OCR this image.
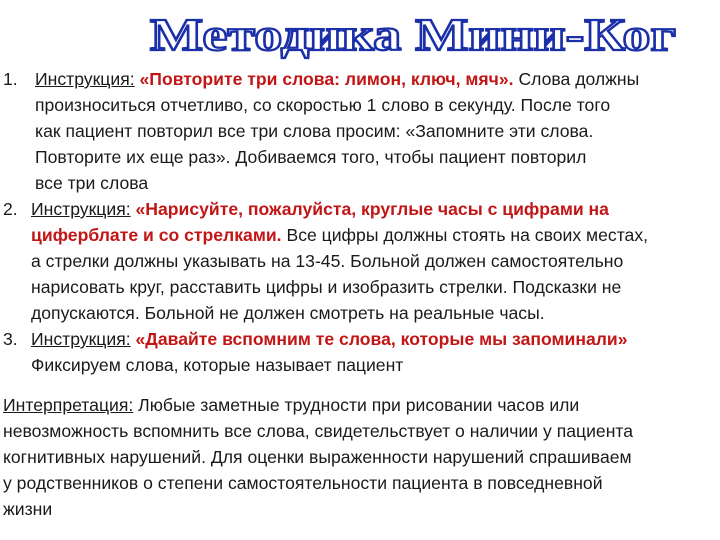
Методика Мини-Ког
1. Инструкция: «Повторите три слова: лимон, ключ, мяч». Слова должны
произноситься отчетливо, со скоростью 1 слово в секунду. После того
как пациент повторил все три слова просим: «Запомните эти слова.
Повторите их еще раз». Добиваемся того, чтобы пациент повторил
все три слова
2. Инструкция: «Нарисуйте, пожалуйста, круглые часы с цифрами на
циферблате и со стрелками. Все цифры должны стоять на своих местах,
а стрелки должны указывать на 13-45. Больной должен самостоятельно
нарисовать круг, расставить цифры и изобразить стрелки. Подсказки не
допускаются. Больной не должен смотреть на реальные часы.
3. Инструкция: «Давайте вспомним те слова, которые мы запоминали»
Фиксируем слова, которые называет пациент
Интерпретация: Любые заметные трудности при рисовании часов или
невозможность вспомнить все слова, свидетельствует о наличии у пациента
когнитивных нарушений. Для оценки выраженности нарушений спрашиваем
у родственников о степени самостоятельности пациента в повседневной
жизни
